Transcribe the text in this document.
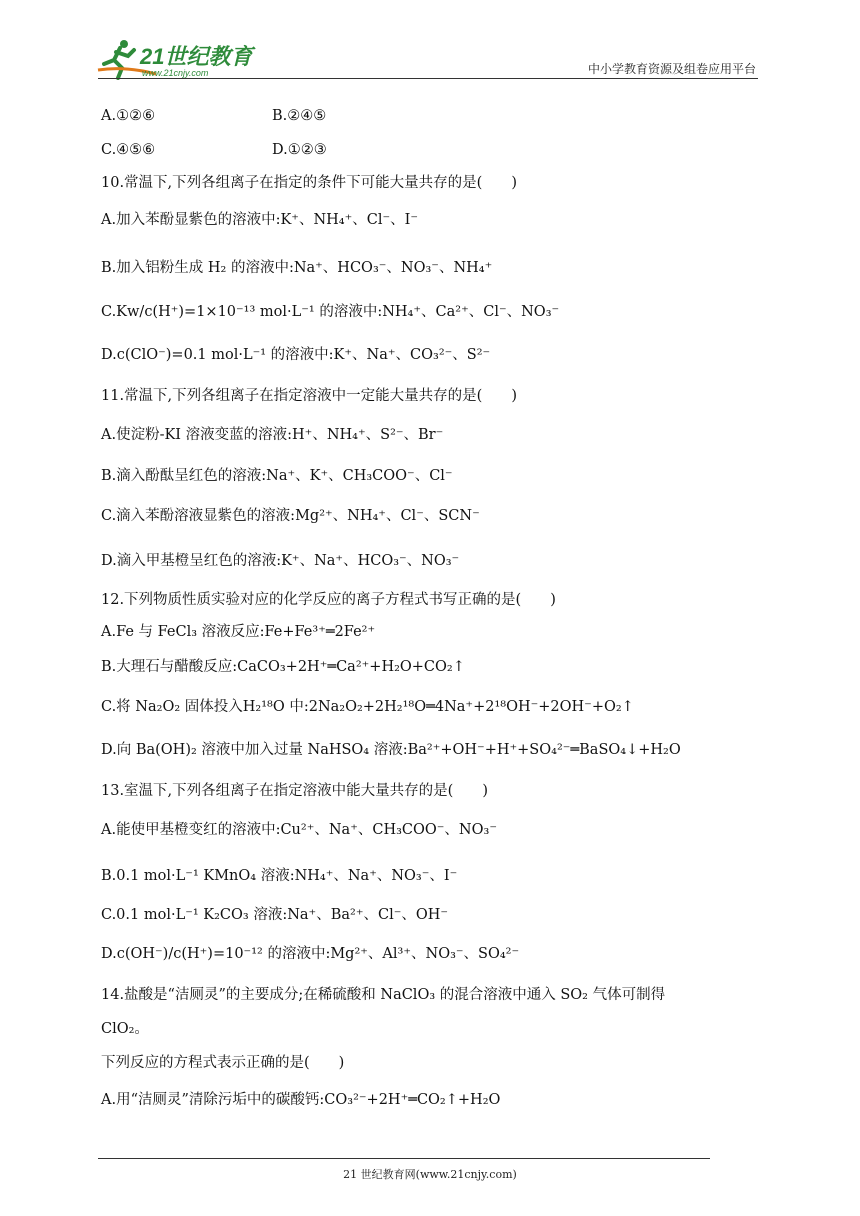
21世纪教育
www.21cnjy.com	中小学教育资源及组卷应用平台
A.①②⑥	B.②④⑤
C.④⑤⑥	D.①②③
10.常温下,下列各组离子在指定的条件下可能大量共存的是(　　)
A.加入苯酚显紫色的溶液中:K⁺、NH₄⁺、Cl⁻、I⁻
B.加入铝粉生成 H₂ 的溶液中:Na⁺、HCO₃⁻、NO₃⁻、NH₄⁺
C.Kw/c(H⁺)=1×10⁻¹³ mol·L⁻¹ 的溶液中:NH₄⁺、Ca²⁺、Cl⁻、NO₃⁻
D.c(ClO⁻)=0.1 mol·L⁻¹ 的溶液中:K⁺、Na⁺、CO₃²⁻、S²⁻
11.常温下,下列各组离子在指定溶液中一定能大量共存的是(　　)
A.使淀粉-KI 溶液变蓝的溶液:H⁺、NH₄⁺、S²⁻、Br⁻
B.滴入酚酞呈红色的溶液:Na⁺、K⁺、CH₃COO⁻、Cl⁻
C.滴入苯酚溶液显紫色的溶液:Mg²⁺、NH₄⁺、Cl⁻、SCN⁻
D.滴入甲基橙呈红色的溶液:K⁺、Na⁺、HCO₃⁻、NO₃⁻
12.下列物质性质实验对应的化学反应的离子方程式书写正确的是(　　)
A.Fe 与 FeCl₃ 溶液反应:Fe+Fe³⁺═2Fe²⁺
B.大理石与醋酸反应:CaCO₃+2H⁺═Ca²⁺+H₂O+CO₂↑
C.将 Na₂O₂ 固体投入H₂¹⁸O 中:2Na₂O₂+2H₂¹⁸O═4Na⁺+2¹⁸OH⁻+2OH⁻+O₂↑
D.向 Ba(OH)₂ 溶液中加入过量 NaHSO₄ 溶液:Ba²⁺+OH⁻+H⁺+SO₄²⁻═BaSO₄↓+H₂O
13.室温下,下列各组离子在指定溶液中能大量共存的是(　　)
A.能使甲基橙变红的溶液中:Cu²⁺、Na⁺、CH₃COO⁻、NO₃⁻
B.0.1 mol·L⁻¹ KMnO₄ 溶液:NH₄⁺、Na⁺、NO₃⁻、I⁻
C.0.1 mol·L⁻¹ K₂CO₃ 溶液:Na⁺、Ba²⁺、Cl⁻、OH⁻
D.c(OH⁻)/c(H⁺)=10⁻¹² 的溶液中:Mg²⁺、Al³⁺、NO₃⁻、SO₄²⁻
14.盐酸是“洁厕灵”的主要成分;在稀硫酸和 NaClO₃ 的混合溶液中通入 SO₂ 气体可制得
ClO₂。
下列反应的方程式表示正确的是(　　)
A.用“洁厕灵”清除污垢中的碳酸钙:CO₃²⁻+2H⁺═CO₂↑+H₂O
21 世纪教育网(www.21cnjy.com)
